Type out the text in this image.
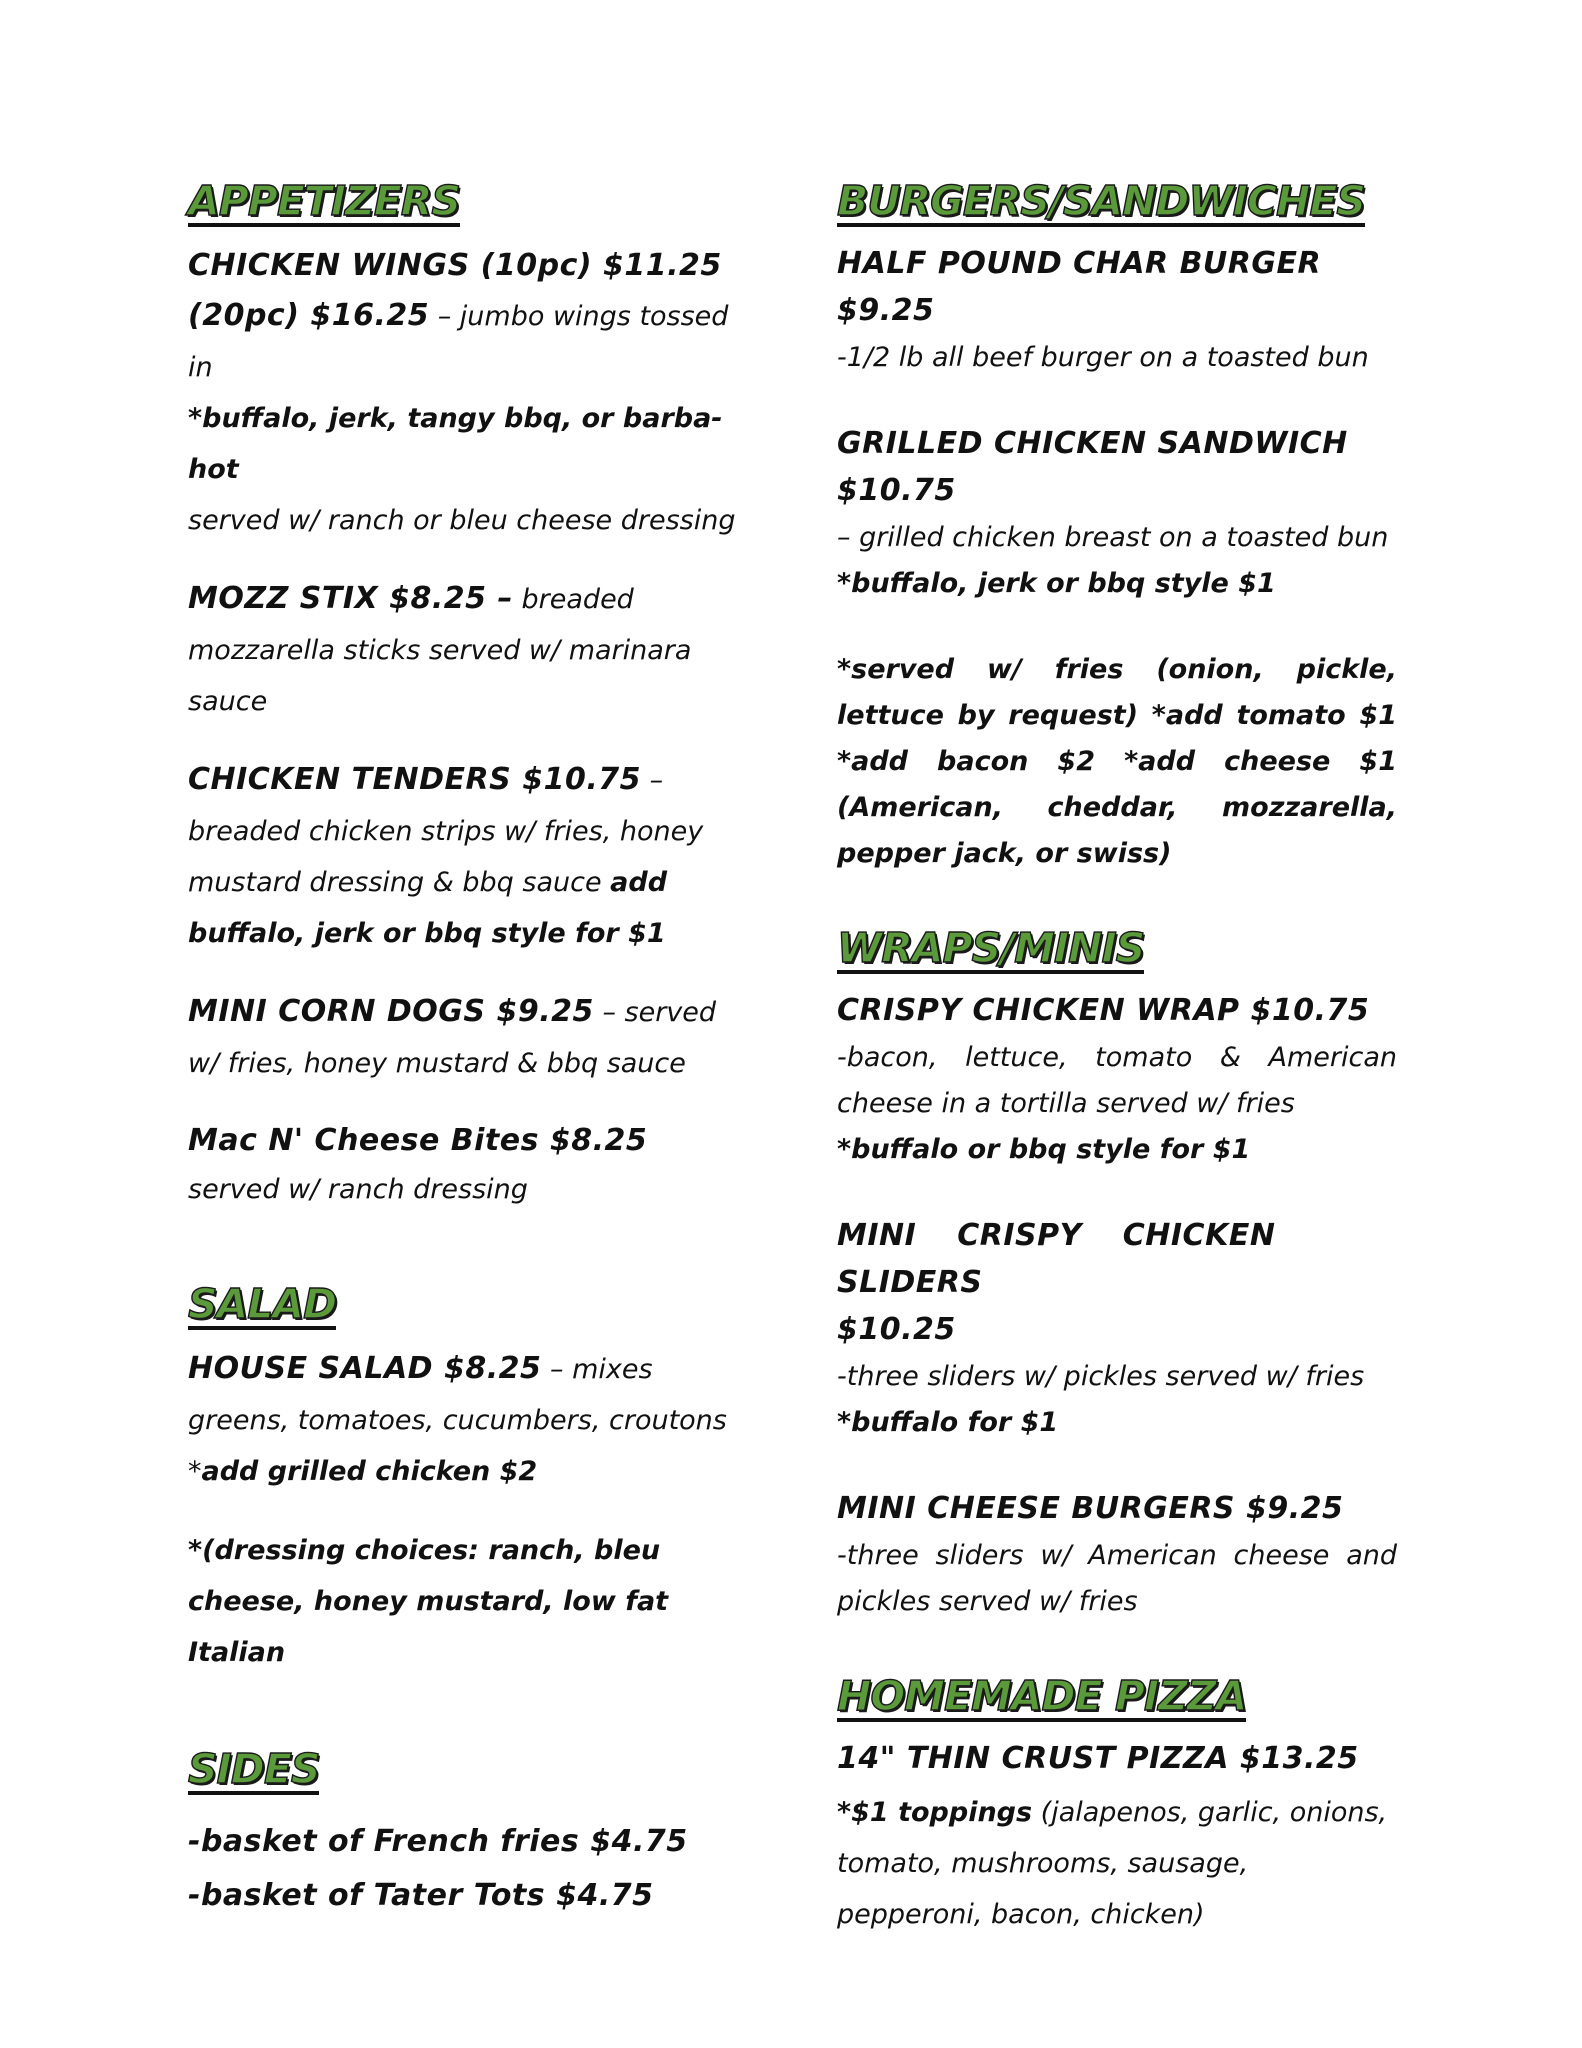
APPETIZERS

CHICKEN WINGS (10pc) $11.25
(20pc) $16.25 – jumbo wings tossed in
*buffalo, jerk, tangy bbq, or barba-hot
served w/ ranch or bleu cheese dressing

MOZZ STIX $8.25 – breaded mozzarella sticks served w/ marinara sauce

CHICKEN TENDERS $10.75 – breaded chicken strips w/ fries, honey mustard dressing & bbq sauce add buffalo, jerk or bbq style for $1

MINI CORN DOGS $9.25 – served w/ fries, honey mustard & bbq sauce

Mac N' Cheese Bites $8.25
served w/ ranch dressing

SALAD

HOUSE SALAD $8.25 – mixes greens, tomatoes, cucumbers, croutons *add grilled chicken $2

*(dressing choices: ranch, bleu cheese, honey mustard, low fat Italian

SIDES

-basket of French fries $4.75
-basket of Tater Tots $4.75

BURGERS/SANDWICHES

HALF POUND CHAR BURGER $9.25
-1/2 lb all beef burger on a toasted bun

GRILLED CHICKEN SANDWICH
$10.75
– grilled chicken breast on a toasted bun
*buffalo, jerk or bbq style $1

*served w/ fries (onion, pickle, lettuce by request) *add tomato $1 *add bacon $2 *add cheese $1 (American, cheddar, mozzarella, pepper jack, or swiss)

WRAPS/MINIS

CRISPY CHICKEN WRAP $10.75
-bacon, lettuce, tomato & American cheese in a tortilla served w/ fries
*buffalo or bbq style for $1

MINI CRISPY CHICKEN SLIDERS
$10.25
-three sliders w/ pickles served w/ fries
*buffalo for $1

MINI CHEESE BURGERS $9.25
-three sliders w/ American cheese and pickles served w/ fries

HOMEMADE PIZZA

14" THIN CRUST PIZZA $13.25

*$1 toppings (jalapenos, garlic, onions, tomato, mushrooms, sausage, pepperoni, bacon, chicken)
